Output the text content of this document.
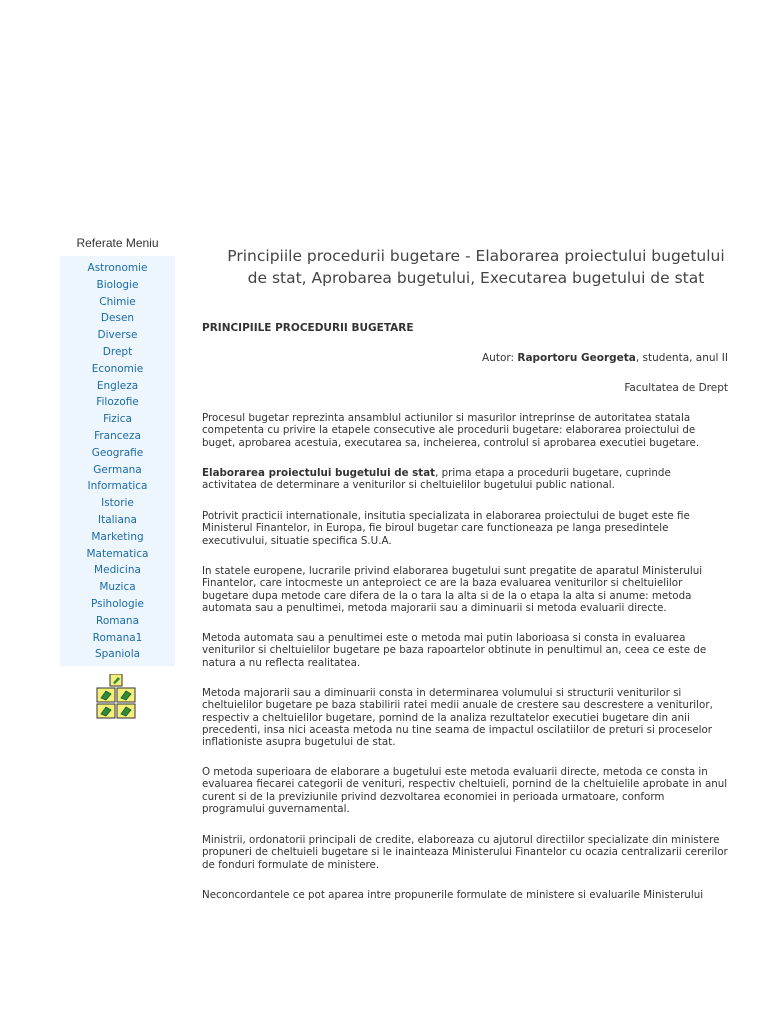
Referate Meniu
Astronomie
Biologie
Chimie
Desen
Diverse
Drept
Economie
Engleza
Filozofie
Fizica
Franceza
Geografie
Germana
Informatica
Istorie
Italiana
Marketing
Matematica
Medicina
Muzica
Psihologie
Romana
Romana1
Spaniola
Principiile procedurii bugetare - Elaborarea proiectului bugetului de stat, Aprobarea bugetului, Executarea bugetului de stat
PRINCIPIILE PROCEDURII BUGETARE
Autor: Raportoru Georgeta, studenta, anul II
Facultatea de Drept

Procesul bugetar reprezinta ansamblul actiunilor si masurilor intreprinse de autoritatea statala competenta cu privire la etapele consecutive ale procedurii bugetare: elaborarea proiectului de buget, aprobarea acestuia, executarea sa, incheierea, controlul si aprobarea executiei bugetare.

Elaborarea proiectului bugetului de stat, prima etapa a procedurii bugetare, cuprinde activitatea de determinare a veniturilor si cheltuielilor bugetului public national.

Potrivit practicii internationale, insitutia specializata in elaborarea proiectului de buget este fie Ministerul Finantelor, in Europa, fie biroul bugetar care functioneaza pe langa presedintele executivului, situatie specifica S.U.A.

In statele europene, lucrarile privind elaborarea bugetului sunt pregatite de aparatul Ministerului Finantelor, care intocmeste un anteproiect ce are la baza evaluarea veniturilor si cheltuielilor bugetare dupa metode care difera de la o tara la alta si de la o etapa la alta si anume: metoda automata sau a penultimei, metoda majorarii sau a diminuarii si metoda evaluarii directe.

Metoda automata sau a penultimei este o metoda mai putin laborioasa si consta in evaluarea veniturilor si cheltuielilor bugetare pe baza rapoartelor obtinute in penultimul an, ceea ce este de natura a nu reflecta realitatea.

Metoda majorarii sau a diminuarii consta in determinarea volumului si structurii veniturilor si cheltuielilor bugetare pe baza stabilirii ratei medii anuale de crestere sau descrestere a veniturilor, respectiv a cheltuielilor bugetare, pornind de la analiza rezultatelor executiei bugetare din anii precedenti, insa nici aceasta metoda nu tine seama de impactul oscilatiilor de preturi si proceselor inflationiste asupra bugetului de stat.

O metoda superioara de elaborare a bugetului este metoda evaluarii directe, metoda ce consta in evaluarea fiecarei categorii de venituri, respectiv cheltuieli, pornind de la cheltuielile aprobate in anul curent si de la previziunile privind dezvoltarea economiei in perioada urmatoare, conform programului guvernamental.

Ministrii, ordonatorii principali de credite, elaboreaza cu ajutorul directiilor specializate din ministere propuneri de cheltuieli bugetare si le inainteaza Ministerului Finantelor cu ocazia centralizarii cererilor de fonduri formulate de ministere.

Neconcordantele ce pot aparea intre propunerile formulate de ministere si evaluarile Ministerului
